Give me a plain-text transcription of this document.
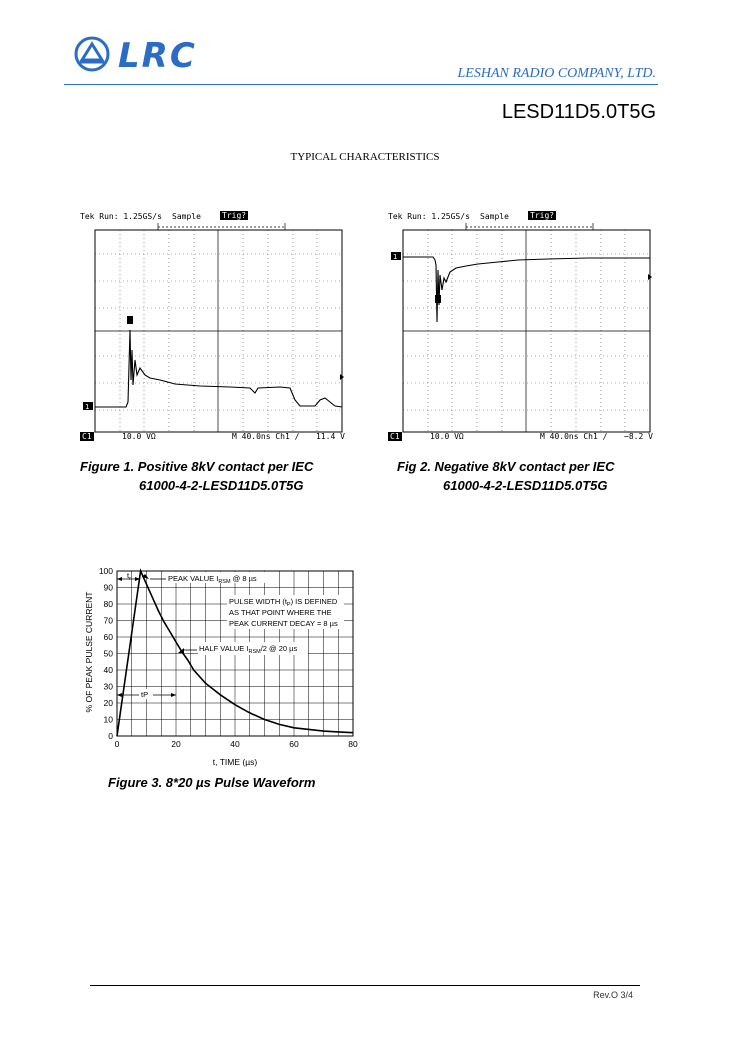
LRC	LESHAN RADIO COMPANY, LTD.
LESD11D5.0T5G
TYPICAL CHARACTERISTICS
Tek Run: 1.25GS/s Sample	Trig?
1
C1	10.0 VΩ	M 40.0ns Ch1 ∕ 11.4 V
Figure 1. Positive 8kV contact per IEC
61000-4-2-LESD11D5.0T5G
Tek Run: 1.25GS/s Sample	Trig?
1
C1	10.0 VΩ	M 40.0ns Ch1 ∕ −8.2 V
Fig 2. Negative 8kV contact per IEC
61000-4-2-LESD11D5.0T5G
0
10
20
30
40
50
60
70
80
90
100
0	20	40	60	80
% OF PEAK PULSE CURRENT
t, TIME (µs)
$t_r$	PEAK VALUE $I_{RSM}$ @ 8 µs
PULSE WIDTH $(t_P)$ IS DEFINED
AS THAT POINT WHERE THE
PEAK CURRENT DECAY = 8 µs
HALF VALUE $I_{RSM}/2$ @ 20 µs
tP
Figure 3. 8*20 µs Pulse Waveform
Rev.O 3/4
